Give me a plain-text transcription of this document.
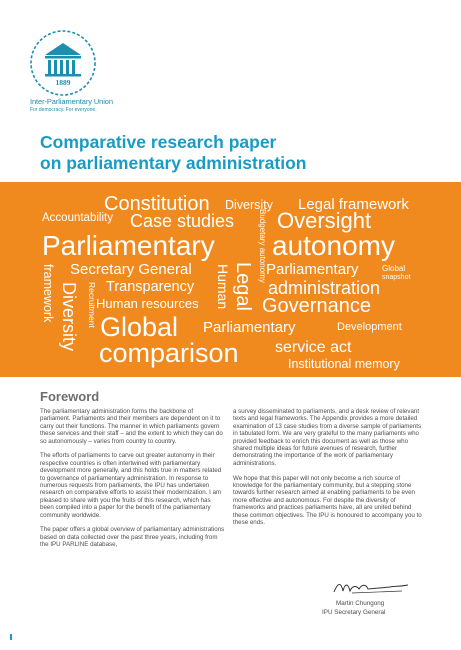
1889
Inter-Parliamentary Union
For democracy. For everyone.
Comparative research paper
on parliamentary administration
Constitution Diversity Legal framework
Accountability Case studies	Budgetary autonomy Oversight
Parliamentary autonomy
Secretary General Human Legal Parliamentary	Global
snapshot
framework Diversity Recruitment Transparency	administration
Human resources	Governance
Global Parliamentary	Development
comparison service act
Institutional memory
Foreword

The parliamentary administration forms the backbone of parliament. Parliaments and their members are dependent on it to carry out their functions. The manner in which parliaments govern these services and their staff – and the extent to which they can do so autonomously – varies from country to country.

The efforts of parliaments to carve out greater autonomy in their respective countries is often intertwined with parliamentary development more generally, and this holds true in matters related to governance of parliamentary administration. In response to numerous requests from parliaments, the IPU has undertaken research on comparative efforts to assist their modernization. I am pleased to share with you the fruits of this research, which has been compiled into a paper for the benefit of the parliamentary community worldwide.

The paper offers a global overview of parliamentary administrations based on data collected over the past three years, including from the IPU PARLINE database,

a survey disseminated to parliaments, and a desk review of relevant texts and legal frameworks. The Appendix provides a more detailed examination of 13 case studies from a diverse sample of parliaments in tabulated form. We are very grateful to the many parliaments who provided feedback to enrich this document as well as those who shared multiple ideas for future avenues of research, further demonstrating the importance of the work of parliamentary administrations.

We hope that this paper will not only become a rich source of knowledge for the parliamentary community, but a stepping stone towards further research aimed at enabling parliaments to be even more effective and autonomous. For despite the diversity of frameworks and practices parliaments have, all are united behind these common objectives. The IPU is honoured to accompany you to these ends.

Martin Chungong
IPU Secretary General
